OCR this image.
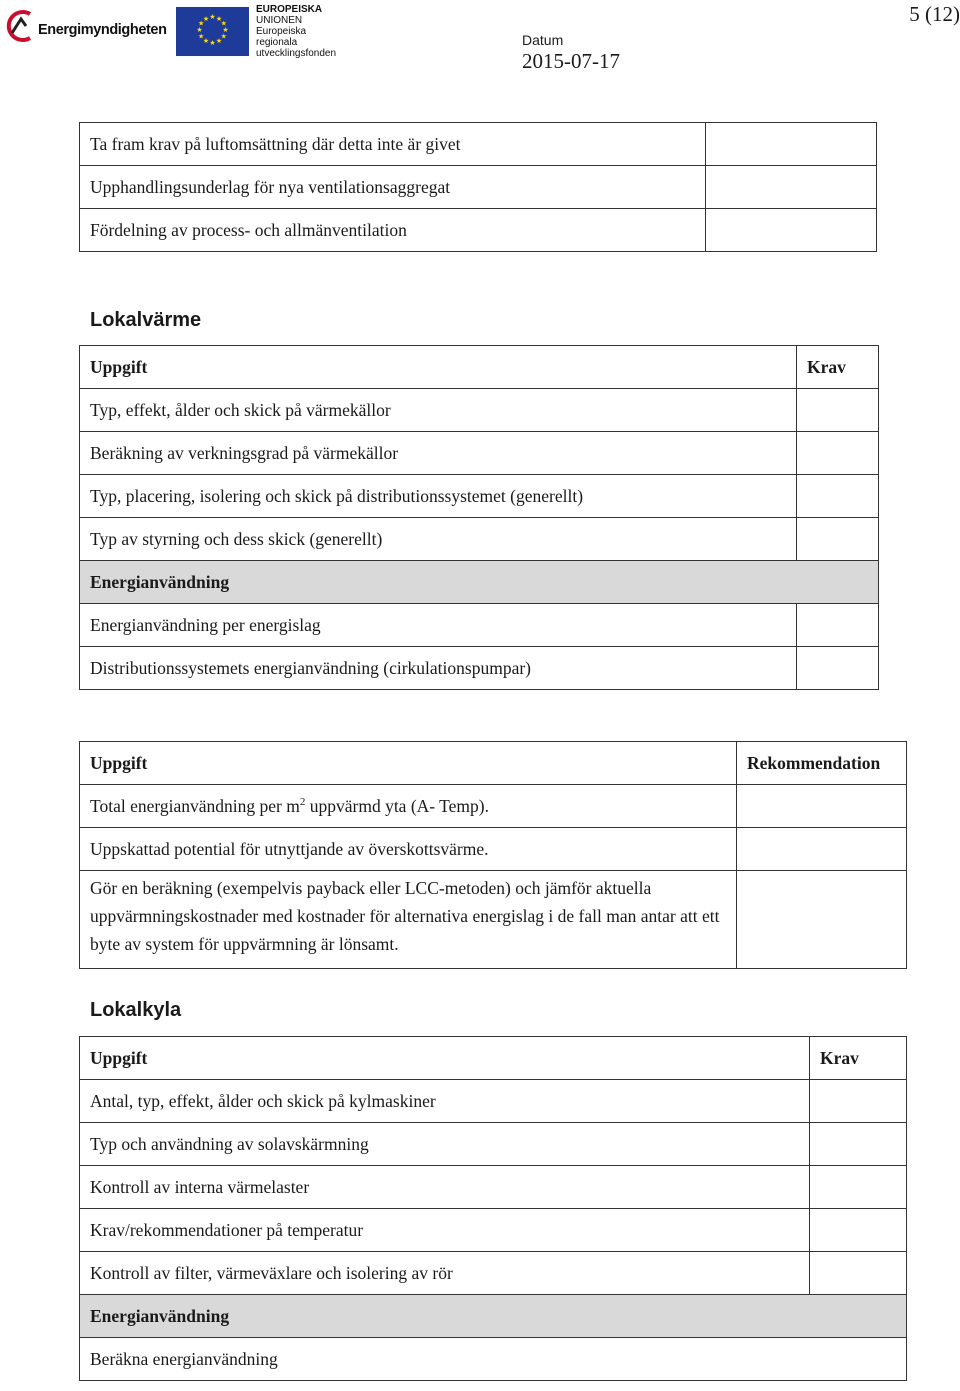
Energimyndigheten
★ ★
★
★
★
★
★
★
★
★
★
★
EUROPEISKA
UNIONEN
Europeiska
regionala
utvecklingsfonden
Datum
2015-07-17
5 (12)
Ta fram krav på luftomsättning där detta inte är givet	
Upphandlingsunderlag för nya ventilationsaggregat	
Fördelning av process- och allmänventilation	
Lokalvärme
Uppgift	Krav
Typ, effekt, ålder och skick på värmekällor	
Beräkning av verkningsgrad på värmekällor	
Typ, placering, isolering och skick på distributionssystemet (generellt)	
Typ av styrning och dess skick (generellt)	
Energianvändning	
Energianvändning per energislag	
Distributionssystemets energianvändning (cirkulationspumpar)	
Uppgift	Rekommendation
Total energianvändning per $m^2$ uppvärmd yta (A- Temp).	
Uppskattad potential för utnyttjande av överskottsvärme.	
Gör en beräkning (exempelvis payback eller LCC-metoden) och jämför aktuella uppvärmningskostnader med kostnader för alternativa energislag i de fall man antar att ett byte av system för uppvärmning är lönsamt.	
Lokalkyla
Uppgift	Krav
Antal, typ, effekt, ålder och skick på kylmaskiner	
Typ och användning av solavskärmning	
Kontroll av interna värmelaster	
Krav/rekommendationer på temperatur	
Kontroll av filter, värmeväxlare och isolering av rör	
Energianvändning	
Beräkna energianvändning	
